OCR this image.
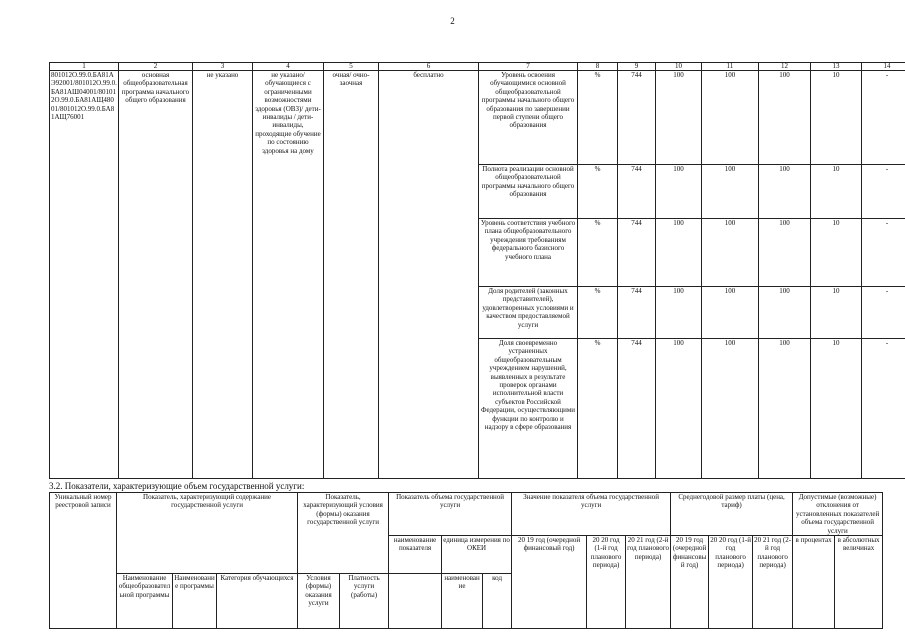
2
1	2	3	4	5	6	7	8	9	10	11	12	13	14
801012О.99.0.БА81АЭ92001/801012О.99.0.БА81АШ04001/801012О.99.0.БА81АЩ48001/801012О.99.0.БА81АЩ76001	основная общеобразовательная программа начального общего образования	не указано	не указано/ обучающиеся с ограниченными возможностями здоровья (ОВЗ)/ дети-инвалиды / дети-инвалиды, проходящие обучение по состоянию здоровья на дому	очная/ очно-заочная	бесплатно	Уровень освоения обучающимися основной общеобразовательной программы начального общего образования по завершении первой ступени общего образования	%	744	100	100	100	10	-
						Полнота реализации основной общеобразовательной программы начального общего образования	%	744	100	100	100	10	-
						Уровень соответствия учебного плана общеобразовательного учреждения требованиям федерального базисного учебного плана	%	744	100	100	100	10	-
						Доля родителей (законных представителей), удовлетворенных условиями и качеством предоставляемой услуги	%	744	100	100	100	10	-
						Доля своевременно устраненных общеобразовательным учреждением нарушений, выявленных в результате проверок органами исполнительной власти субъектов Российской Федерации, осуществляющими функции по контролю и надзору в сфере образования	%	744	100	100	100	10	-
3.2. Показатели, характеризующие объем государственной услуги:
Уникальный номер реестровой записи	Показатель, характеризующий содержание государственной услуги			Показатель, характеризующий условия (формы) оказания государственной услуги		Показатель объема государственной услуги			Значение показателя объема государственной услуги			Среднегодовой размер платы (цена, тариф)			Допустимые (возможные) отклонения от установленных показателей объема государственной услуги	
						наименование показателя	единица измерения по ОКЕИ		20 19 год (очередной финансовый год)	20 20 год (1-й год планового периода)	20 21 год (2-й год планового периода)	20 19 год (очередной финансовый год)	20 20 год (1-й год планового периода)	20 21 год (2-й год планового периода)	в процентах	в абсолютных величинах
	Наименование общеобразовательной программы	Наименование программы	Категория обучающихся	Условия (формы) оказания услуги	Платность услуги (работы)		наименование	код								
